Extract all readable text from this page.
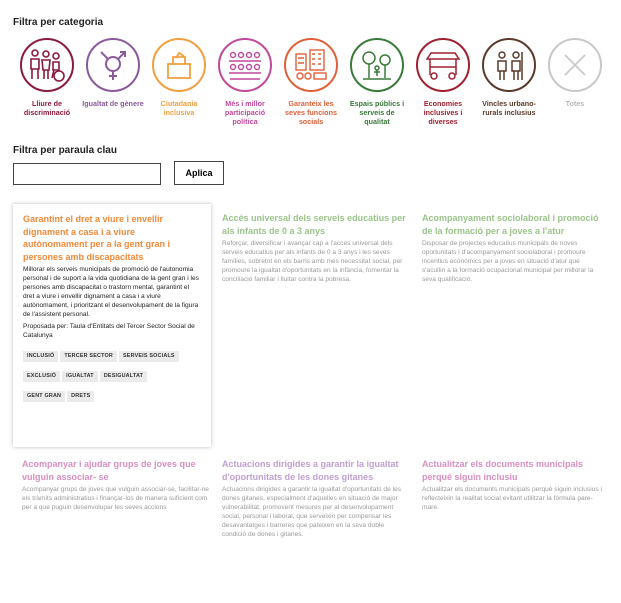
Filtra per categoria
Lliure de discriminació
Igualtat de gènere	Ciutadania inclusiva
Més i millor participació política
Garanteix les seves funcions socials
Espais públics i serveis de qualitat
Economies inclusives i diverses
Vincles urbano-rurals inclusius
Totes
Filtra per paraula clau
Aplica
Garantint el dret a viure i envellir dignament a casa i a viure autònomament per a la gent gran i persones amb discapacitats
Millorar els serveis municipals de promoció de l'autonomia personal i de suport a la vida quotidiana de la gent gran i les persones amb discapacitat o trastorn mental, garantint el dret a viure i envellir dignament a casa i a viure autònomament, i prioritzant el desenvolupament de la figura de l'assistent personal.
Proposada per: Taula d'Entitats del Tercer Sector Social de Catalunya
INCLUSIÓ TERCER SECTOR SERVEIS SOCIALSEXCLUSIÓ IGUALTAT DESIGUALTATGENT GRAN DRETS
Accés universal dels serveis educatius per als infants de 0 a 3 anys
Reforçar, diversificar i avançar cap a l'accés universal dels serveis educatius per als infants de 0 a 3 anys i les seves famílies, sobretot en els barris amb més necessitat social, per promoure la igualtat d'oportunitats en la infància, fomentar la conciliació familiar i lluitar contra la pobresa.
Acompanyament sociolaboral i promoció de la formació per a joves a l'atur
Disposar de projectes educatius municipals de noves oportunitats i d'acompanyament sociolaboral i promoure incentius econòmics per a joves en situació d'atur que s'acullin a la formació ocupacional municipal per millorar la seva qualificació.
Acompanyar i ajudar grups de joves que vulguin associar- se
Acompanyar grups de joves que vulguin associar-se, facilitar-ne els tràmits administratius i finançar-los de manera suficient com per a que puguin desenvolupar les seves accions
Actuacions dirigides a garantir la igualtat d'oportunitats de les dones gitanes
Actuacions dirigides a garantir la igualtat d'oportunitats de les dones gitanes, especialment d'aquelles en situació de major vulnerabilitat, promovent mesures per al desenvolupament social, personal i laboral, que serveixin per compensar les desavantatges i barreres que pateixen en la seva doble condició de dones i gitanes.
Actualitzar els documents municipals perquè siguin inclusiu
Actualitzar els documents municipals perquè siguin inclusius i reflecteixin la realitat social evitant utilitzar la fórmula pare-mare.
